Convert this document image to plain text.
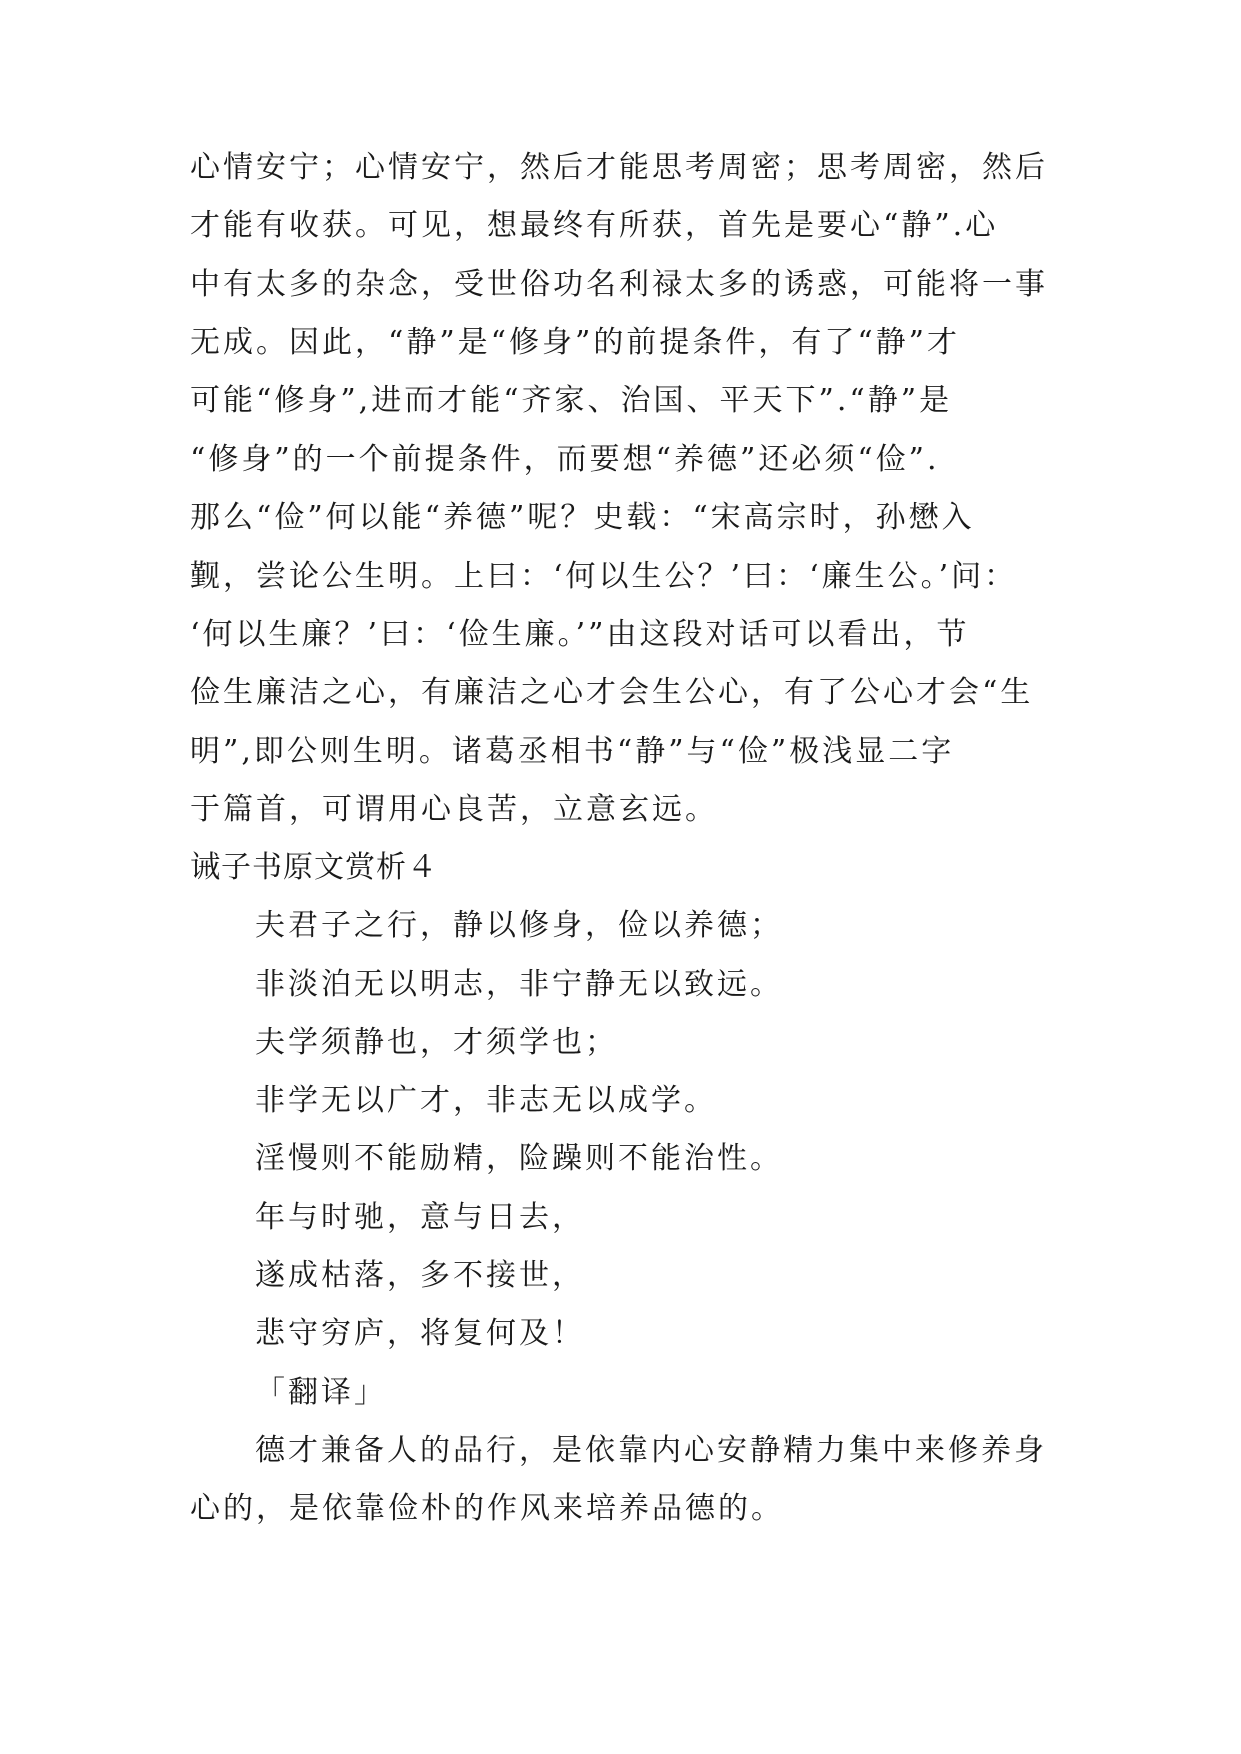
心情安宁；心情安宁，然后才能思考周密；思考周密，然后
才能有收获。可见，想最终有所获，首先是要心“静”.心
中有太多的杂念，受世俗功名利禄太多的诱惑，可能将一事
无成。因此，“静”是“修身”的前提条件，有了“静”才
可能“修身”,进而才能“齐家、治国、平天下”.“静”是
“修身”的一个前提条件，而要想“养德”还必须“俭”.
那么“俭”何以能“养德”呢？史载：“宋高宗时，孙懋入
觐，尝论公生明。上曰：‘何以生公？’曰：‘廉生公。’问：
‘何以生廉？’曰：‘俭生廉。’”由这段对话可以看出，节
俭生廉洁之心，有廉洁之心才会生公心，有了公心才会“生
明”,即公则生明。诸葛丞相书“静”与“俭”极浅显二字
于篇首，可谓用心良苦，立意玄远。
诫子书原文赏析４
夫君子之行，静以修身，俭以养德；
非淡泊无以明志，非宁静无以致远。
夫学须静也，才须学也；
非学无以广才，非志无以成学。
淫慢则不能励精，险躁则不能治性。
年与时驰，意与日去，
遂成枯落，多不接世，
悲守穷庐，将复何及！
「翻译」
德才兼备人的品行，是依靠内心安静精力集中来修养身
心的，是依靠俭朴的作风来培养品德的。
